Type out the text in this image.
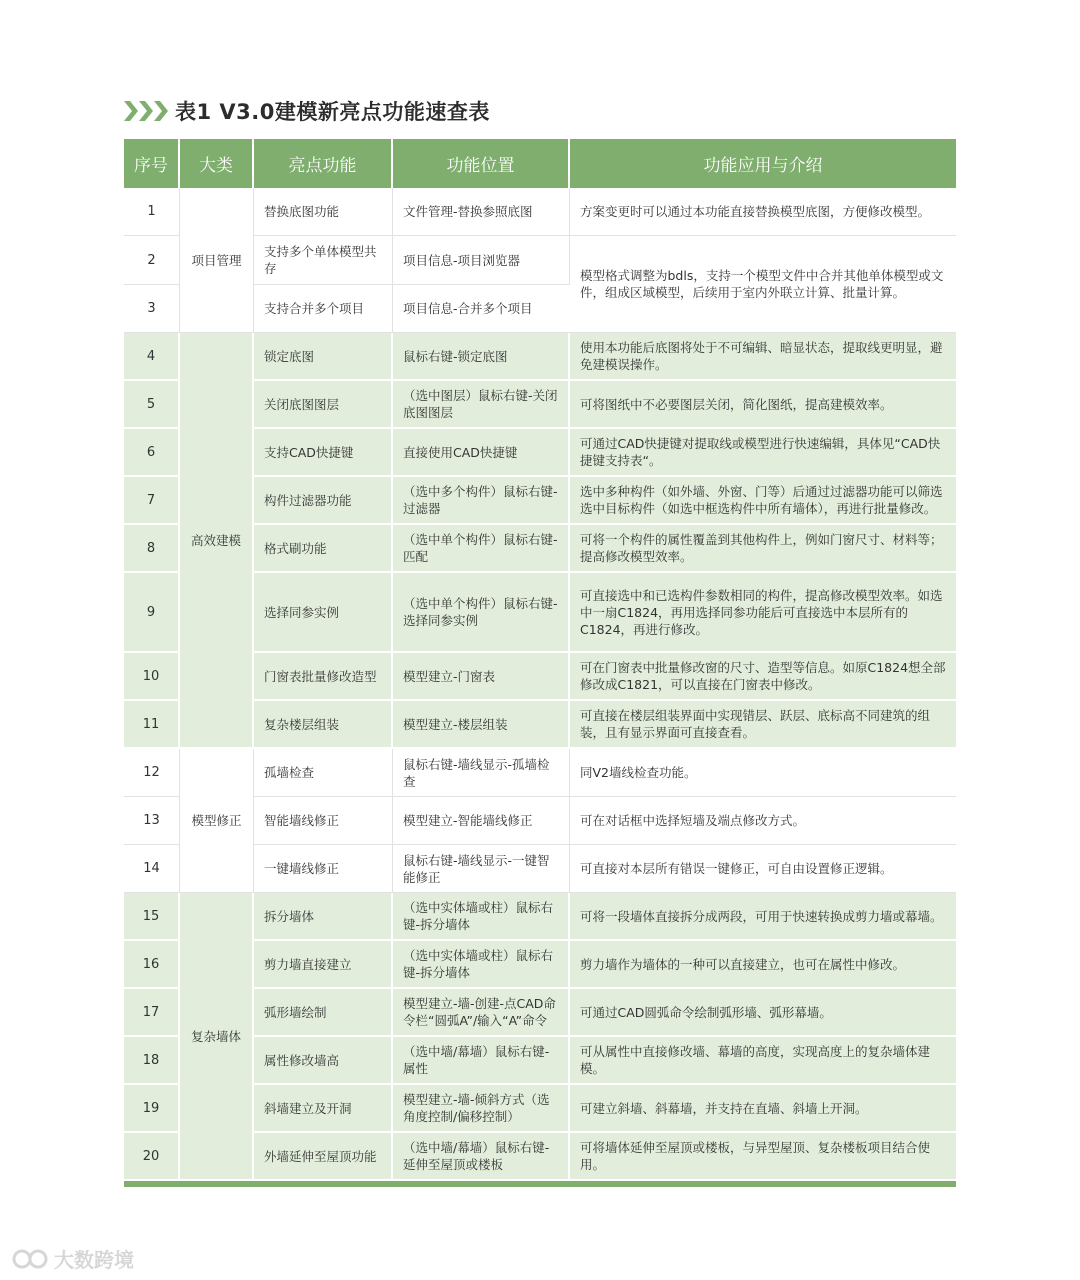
表1 V3.0建模新亮点功能速查表
序号	大类	亮点功能	功能位置	功能应用与介绍
1	项目管理	替换底图功能	文件管理-替换参照底图	方案变更时可以通过本功能直接替换模型底图，方便修改模型。
2		支持多个单体模型共存	项目信息-项目浏览器	模型格式调整为bdls，支持一个模型文件中合并其他单体模型或文件，组成区域模型，后续用于室内外联立计算、批量计算。
3		支持合并多个项目	项目信息-合并多个项目	
4	高效建模	锁定底图	鼠标右键-锁定底图	使用本功能后底图将处于不可编辑、暗显状态，提取线更明显，避免建模误操作。
5		关闭底图图层	（选中图层）鼠标右键-关闭底图图层	可将图纸中不必要图层关闭，简化图纸，提高建模效率。
6		支持CAD快捷键	直接使用CAD快捷键	可通过CAD快捷键对提取线或模型进行快速编辑，具体见“CAD快捷键支持表“。
7		构件过滤器功能	（选中多个构件）鼠标右键-过滤器	选中多种构件（如外墙、外窗、门等）后通过过滤器功能可以筛选选中目标构件（如选中框选构件中所有墙体），再进行批量修改。
8		格式刷功能	（选中单个构件）鼠标右键-匹配	可将一个构件的属性覆盖到其他构件上，例如门窗尺寸、材料等；提高修改模型效率。
9		选择同参实例	（选中单个构件）鼠标右键-选择同参实例	可直接选中和已选构件参数相同的构件，提高修改模型效率。如选中一扇C1824，再用选择同参功能后可直接选中本层所有的C1824，再进行修改。
10		门窗表批量修改造型	模型建立-门窗表	可在门窗表中批量修改窗的尺寸、造型等信息。如原C1824想全部修改成C1821，可以直接在门窗表中修改。
11		复杂楼层组装	模型建立-楼层组装	可直接在楼层组装界面中实现错层、跃层、底标高不同建筑的组装，且有显示界面可直接查看。
12	模型修正	孤墙检查	鼠标右键-墙线显示-孤墙检查	同V2墙线检查功能。
13		智能墙线修正	模型建立-智能墙线修正	可在对话框中选择短墙及端点修改方式。
14		一键墙线修正	鼠标右键-墙线显示-一键智能修正	可直接对本层所有错误一键修正，可自由设置修正逻辑。
15	复杂墙体	拆分墙体	（选中实体墙或柱）鼠标右键-拆分墙体	可将一段墙体直接拆分成两段，可用于快速转换成剪力墙或幕墙。
16		剪力墙直接建立	（选中实体墙或柱）鼠标右键-拆分墙体	剪力墙作为墙体的一种可以直接建立，也可在属性中修改。
17		弧形墙绘制	模型建立-墙-创建-点CAD命令栏“圆弧A”/输入“A”命令	可通过CAD圆弧命令绘制弧形墙、弧形幕墙。
18		属性修改墙高	（选中墙/幕墙）鼠标右键-属性	可从属性中直接修改墙、幕墙的高度，实现高度上的复杂墙体建模。
19		斜墙建立及开洞	模型建立-墙-倾斜方式（选角度控制/偏移控制）	可建立斜墙、斜幕墙，并支持在直墙、斜墙上开洞。
20		外墙延伸至屋顶功能	（选中墙/幕墙）鼠标右键-延伸至屋顶或楼板	可将墙体延伸至屋顶或楼板，与异型屋顶、复杂楼板项目结合使用。
大数跨境
